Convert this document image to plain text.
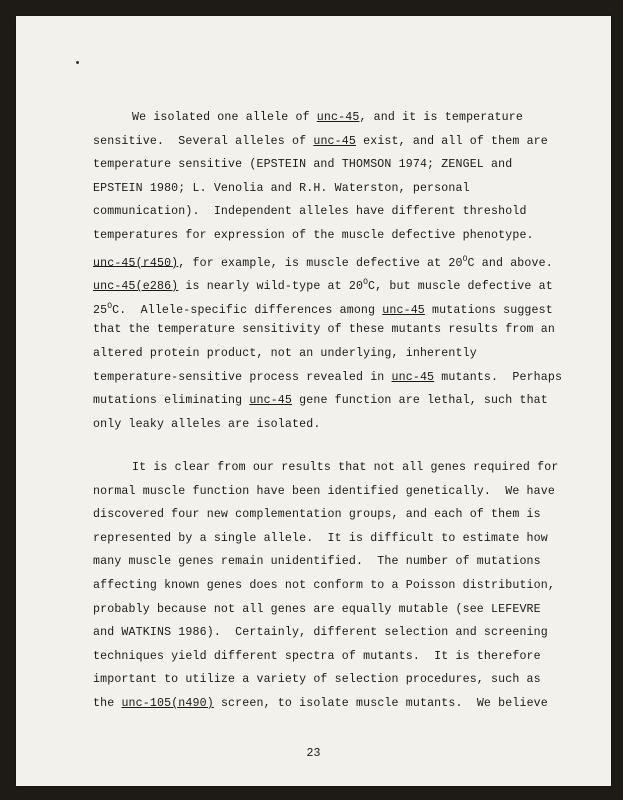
We isolated one allele of unc-45, and it is temperature
sensitive.  Several alleles of unc-45 exist, and all of them are
temperature sensitive (EPSTEIN and THOMSON 1974; ZENGEL and
EPSTEIN 1980; L. Venolia and R.H. Waterston, personal
communication).  Independent alleles have different threshold
temperatures for expression of the muscle defective phenotype.
unc-45(r450), for example, is muscle defective at $20^OC$ and above.
unc-45(e286) is nearly wild-type at $20^OC$, but muscle defective at
$25^OC$.  Allele-specific differences among unc-45 mutations suggest
that the temperature sensitivity of these mutants results from an
altered protein product, not an underlying, inherently
temperature-sensitive process revealed in unc-45 mutants.  Perhaps
mutations eliminating unc-45 gene function are lethal, such that
only leaky alleles are isolated.
It is clear from our results that not all genes required for
normal muscle function have been identified genetically.  We have
discovered four new complementation groups, and each of them is
represented by a single allele.  It is difficult to estimate how
many muscle genes remain unidentified.  The number of mutations
affecting known genes does not conform to a Poisson distribution,
probably because not all genes are equally mutable (see LEFEVRE
and WATKINS 1986).  Certainly, different selection and screening
techniques yield different spectra of mutants.  It is therefore
important to utilize a variety of selection procedures, such as
the unc-105(n490) screen, to isolate muscle mutants.  We believe
23
